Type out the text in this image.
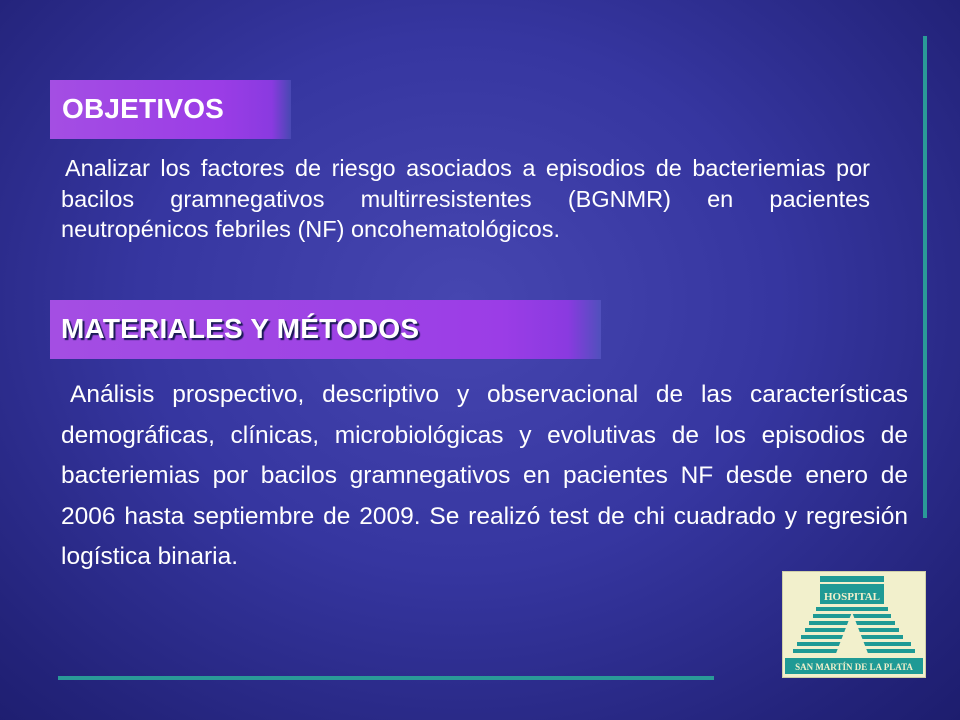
OBJETIVOS

Analizar los factores de riesgo asociados a episodios de bacteriemias por bacilos gramnegativos multirresistentes (BGNMR) en pacientes neutropénicos febriles (NF) oncohematológicos.

MATERIALES Y MÉTODOS

Análisis prospectivo, descriptivo y observacional de las características demográficas, clínicas, microbiológicas y evolutivas de los episodios de bacteriemias por bacilos gramnegativos en pacientes NF desde enero de 2006 hasta septiembre de 2009. Se realizó test de chi cuadrado y regresión logística binaria.

HOSPITAL
SAN MARTÍN DE LA PLATA
